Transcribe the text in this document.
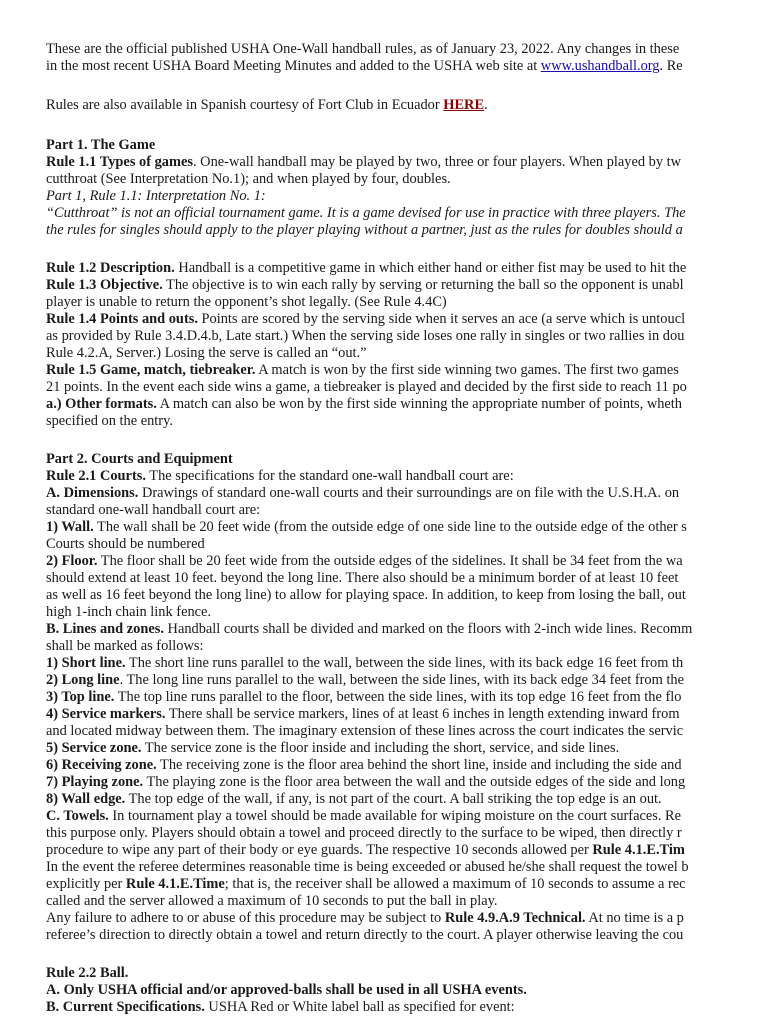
These are the official published USHA One-Wall handball rules, as of January 23, 2022. Any changes in these
in the most recent USHA Board Meeting Minutes and added to the USHA web site at www.ushandball.org. Re
Rules are also available in Spanish courtesy of Fort Club in Ecuador HERE.
Part 1. The Game
Rule 1.1 Types of games. One-wall handball may be played by two, three or four players. When played by tw
cutthroat (See Interpretation No.1); and when played by four, doubles.
Part 1, Rule 1.1: Interpretation No. 1:
“Cutthroat” is not an official tournament game. It is a game devised for use in practice with three players. The
the rules for singles should apply to the player playing without a partner, just as the rules for doubles should a
Rule 1.2 Description. Handball is a competitive game in which either hand or either fist may be used to hit the
Rule 1.3 Objective. The objective is to win each rally by serving or returning the ball so the opponent is unabl
player is unable to return the opponent’s shot legally. (See Rule 4.4C)
Rule 1.4 Points and outs. Points are scored by the serving side when it serves an ace (a serve which is untoucl
as provided by Rule 3.4.D.4.b, Late start.) When the serving side loses one rally in singles or two rallies in dou
Rule 4.2.A, Server.) Losing the serve is called an “out.”
Rule 1.5 Game, match, tiebreaker. A match is won by the first side winning two games. The first two games
21 points. In the event each side wins a game, a tiebreaker is played and decided by the first side to reach 11 po
a.) Other formats. A match can also be won by the first side winning the appropriate number of points, wheth
specified on the entry.
Part 2. Courts and Equipment
Rule 2.1 Courts. The specifications for the standard one-wall handball court are:
A. Dimensions. Drawings of standard one-wall courts and their surroundings are on file with the U.S.H.A. on
standard one-wall handball court are:
1) Wall. The wall shall be 20 feet wide (from the outside edge of one side line to the outside edge of the other s
Courts should be numbered
2) Floor. The floor shall be 20 feet wide from the outside edges of the sidelines. It shall be 34 feet from the wa
should extend at least 10 feet. beyond the long line. There also should be a minimum border of at least 10 feet
as well as 16 feet beyond the long line) to allow for playing space. In addition, to keep from losing the ball, out
high 1-inch chain link fence.
B. Lines and zones. Handball courts shall be divided and marked on the floors with 2-inch wide lines. Recomm
shall be marked as follows:
1) Short line. The short line runs parallel to the wall, between the side lines, with its back edge 16 feet from th
2) Long line. The long line runs parallel to the wall, between the side lines, with its back edge 34 feet from the
3) Top line. The top line runs parallel to the floor, between the side lines, with its top edge 16 feet from the flo
4) Service markers. There shall be service markers, lines of at least 6 inches in length extending inward from
and located midway between them. The imaginary extension of these lines across the court indicates the servic
5) Service zone. The service zone is the floor inside and including the short, service, and side lines.
6) Receiving zone. The receiving zone is the floor area behind the short line, inside and including the side and
7) Playing zone. The playing zone is the floor area between the wall and the outside edges of the side and long
8) Wall edge. The top edge of the wall, if any, is not part of the court. A ball striking the top edge is an out.
C. Towels. In tournament play a towel should be made available for wiping moisture on the court surfaces. Re
this purpose only. Players should obtain a towel and proceed directly to the surface to be wiped, then directly r
procedure to wipe any part of their body or eye guards. The respective 10 seconds allowed per Rule 4.1.E.Tim
In the event the referee determines reasonable time is being exceeded or abused he/she shall request the towel b
explicitly per Rule 4.1.E.Time; that is, the receiver shall be allowed a maximum of 10 seconds to assume a rec
called and the server allowed a maximum of 10 seconds to put the ball in play.
Any failure to adhere to or abuse of this procedure may be subject to Rule 4.9.A.9 Technical. At no time is a p
referee’s direction to directly obtain a towel and return directly to the court. A player otherwise leaving the cou
Rule 2.2 Ball.
A. Only USHA official and/or approved-balls shall be used in all USHA events.
B. Current Specifications. USHA Red or White label ball as specified for event:
